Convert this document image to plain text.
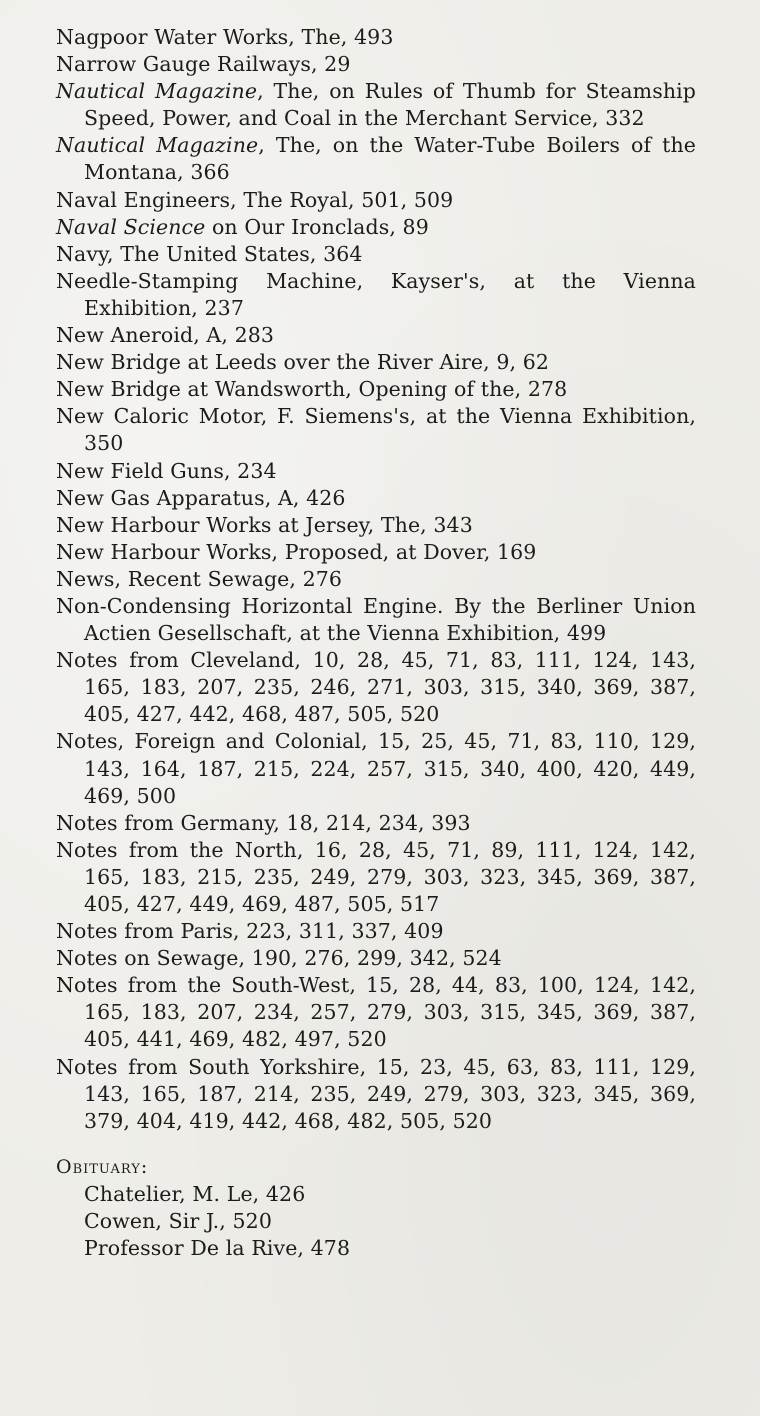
Nagpoor Water Works, The, 493

Narrow Gauge Railways, 29

Nautical Magazine, The, on Rules of Thumb for Steamship Speed, Power, and Coal in the Merchant Service, 332

Nautical Magazine, The, on the Water-Tube Boilers of the Montana, 366

Naval Engineers, The Royal, 501, 509

Naval Science on Our Ironclads, 89

Navy, The United States, 364

Needle-Stamping Machine, Kayser's, at the Vienna Exhibition, 237

New Aneroid, A, 283

New Bridge at Leeds over the River Aire, 9, 62

New Bridge at Wandsworth, Opening of the, 278

New Caloric Motor, F. Siemens's, at the Vienna Exhibition, 350

New Field Guns, 234

New Gas Apparatus, A, 426

New Harbour Works at Jersey, The, 343

New Harbour Works, Proposed, at Dover, 169

News, Recent Sewage, 276

Non-Condensing Horizontal Engine. By the Berliner Union Actien Gesellschaft, at the Vienna Exhibition, 499

Notes from Cleveland, 10, 28, 45, 71, 83, 111, 124, 143, 165, 183, 207, 235, 246, 271, 303, 315, 340, 369, 387, 405, 427, 442, 468, 487, 505, 520

Notes, Foreign and Colonial, 15, 25, 45, 71, 83, 110, 129, 143, 164, 187, 215, 224, 257, 315, 340, 400, 420, 449, 469, 500

Notes from Germany, 18, 214, 234, 393

Notes from the North, 16, 28, 45, 71, 89, 111, 124, 142, 165, 183, 215, 235, 249, 279, 303, 323, 345, 369, 387, 405, 427, 449, 469, 487, 505, 517

Notes from Paris, 223, 311, 337, 409

Notes on Sewage, 190, 276, 299, 342, 524

Notes from the South-West, 15, 28, 44, 83, 100, 124, 142, 165, 183, 207, 234, 257, 279, 303, 315, 345, 369, 387, 405, 441, 469, 482, 497, 520

Notes from South Yorkshire, 15, 23, 45, 63, 83, 111, 129, 143, 165, 187, 214, 235, 249, 279, 303, 323, 345, 369, 379, 404, 419, 442, 468, 482, 505, 520

Obituary:
Chatelier, M. Le, 426
Cowen, Sir J., 520
Professor De la Rive, 478
